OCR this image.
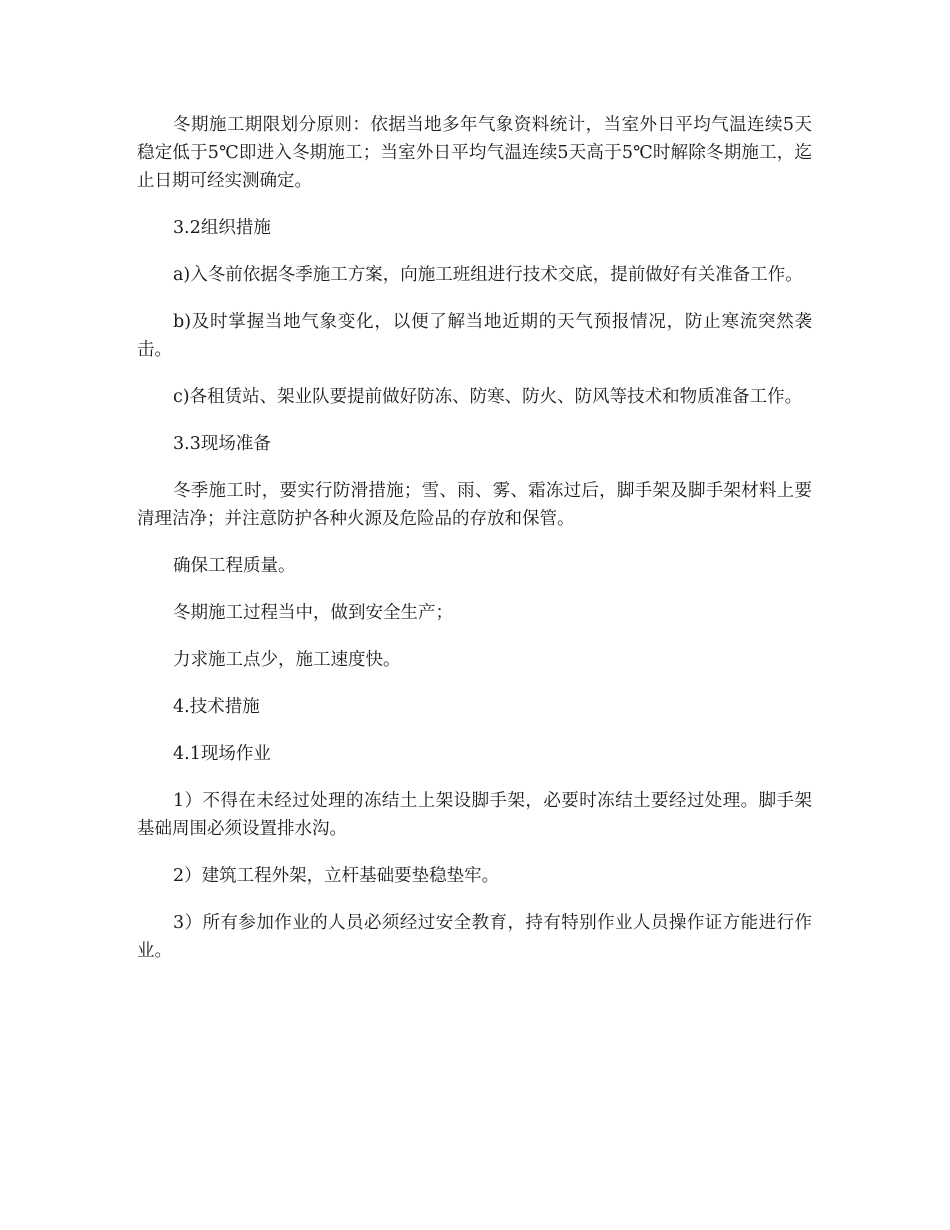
冬期施工期限划分原则：依据当地多年气象资料统计，当室外日平均气温连续5天稳定低于5℃即进入冬期施工；当室外日平均气温连续5天高于5℃时解除冬期施工，迄止日期可经实测确定。

3.2组织措施

a)入冬前依据冬季施工方案，向施工班组进行技术交底，提前做好有关准备工作。

b)及时掌握当地气象变化，以便了解当地近期的天气预报情况，防止寒流突然袭击。

c)各租赁站、架业队要提前做好防冻、防寒、防火、防风等技术和物质准备工作。

3.3现场准备

冬季施工时，要实行防滑措施；雪、雨、雾、霜冻过后，脚手架及脚手架材料上要清理洁净；并注意防护各种火源及危险品的存放和保管。

确保工程质量。

冬期施工过程当中，做到安全生产；

力求施工点少，施工速度快。

4.技术措施

4.1现场作业

1）不得在未经过处理的冻结土上架设脚手架，必要时冻结土要经过处理。脚手架基础周围必须设置排水沟。

2）建筑工程外架，立杆基础要垫稳垫牢。

3）所有参加作业的人员必须经过安全教育，持有特别作业人员操作证方能进行作业。
